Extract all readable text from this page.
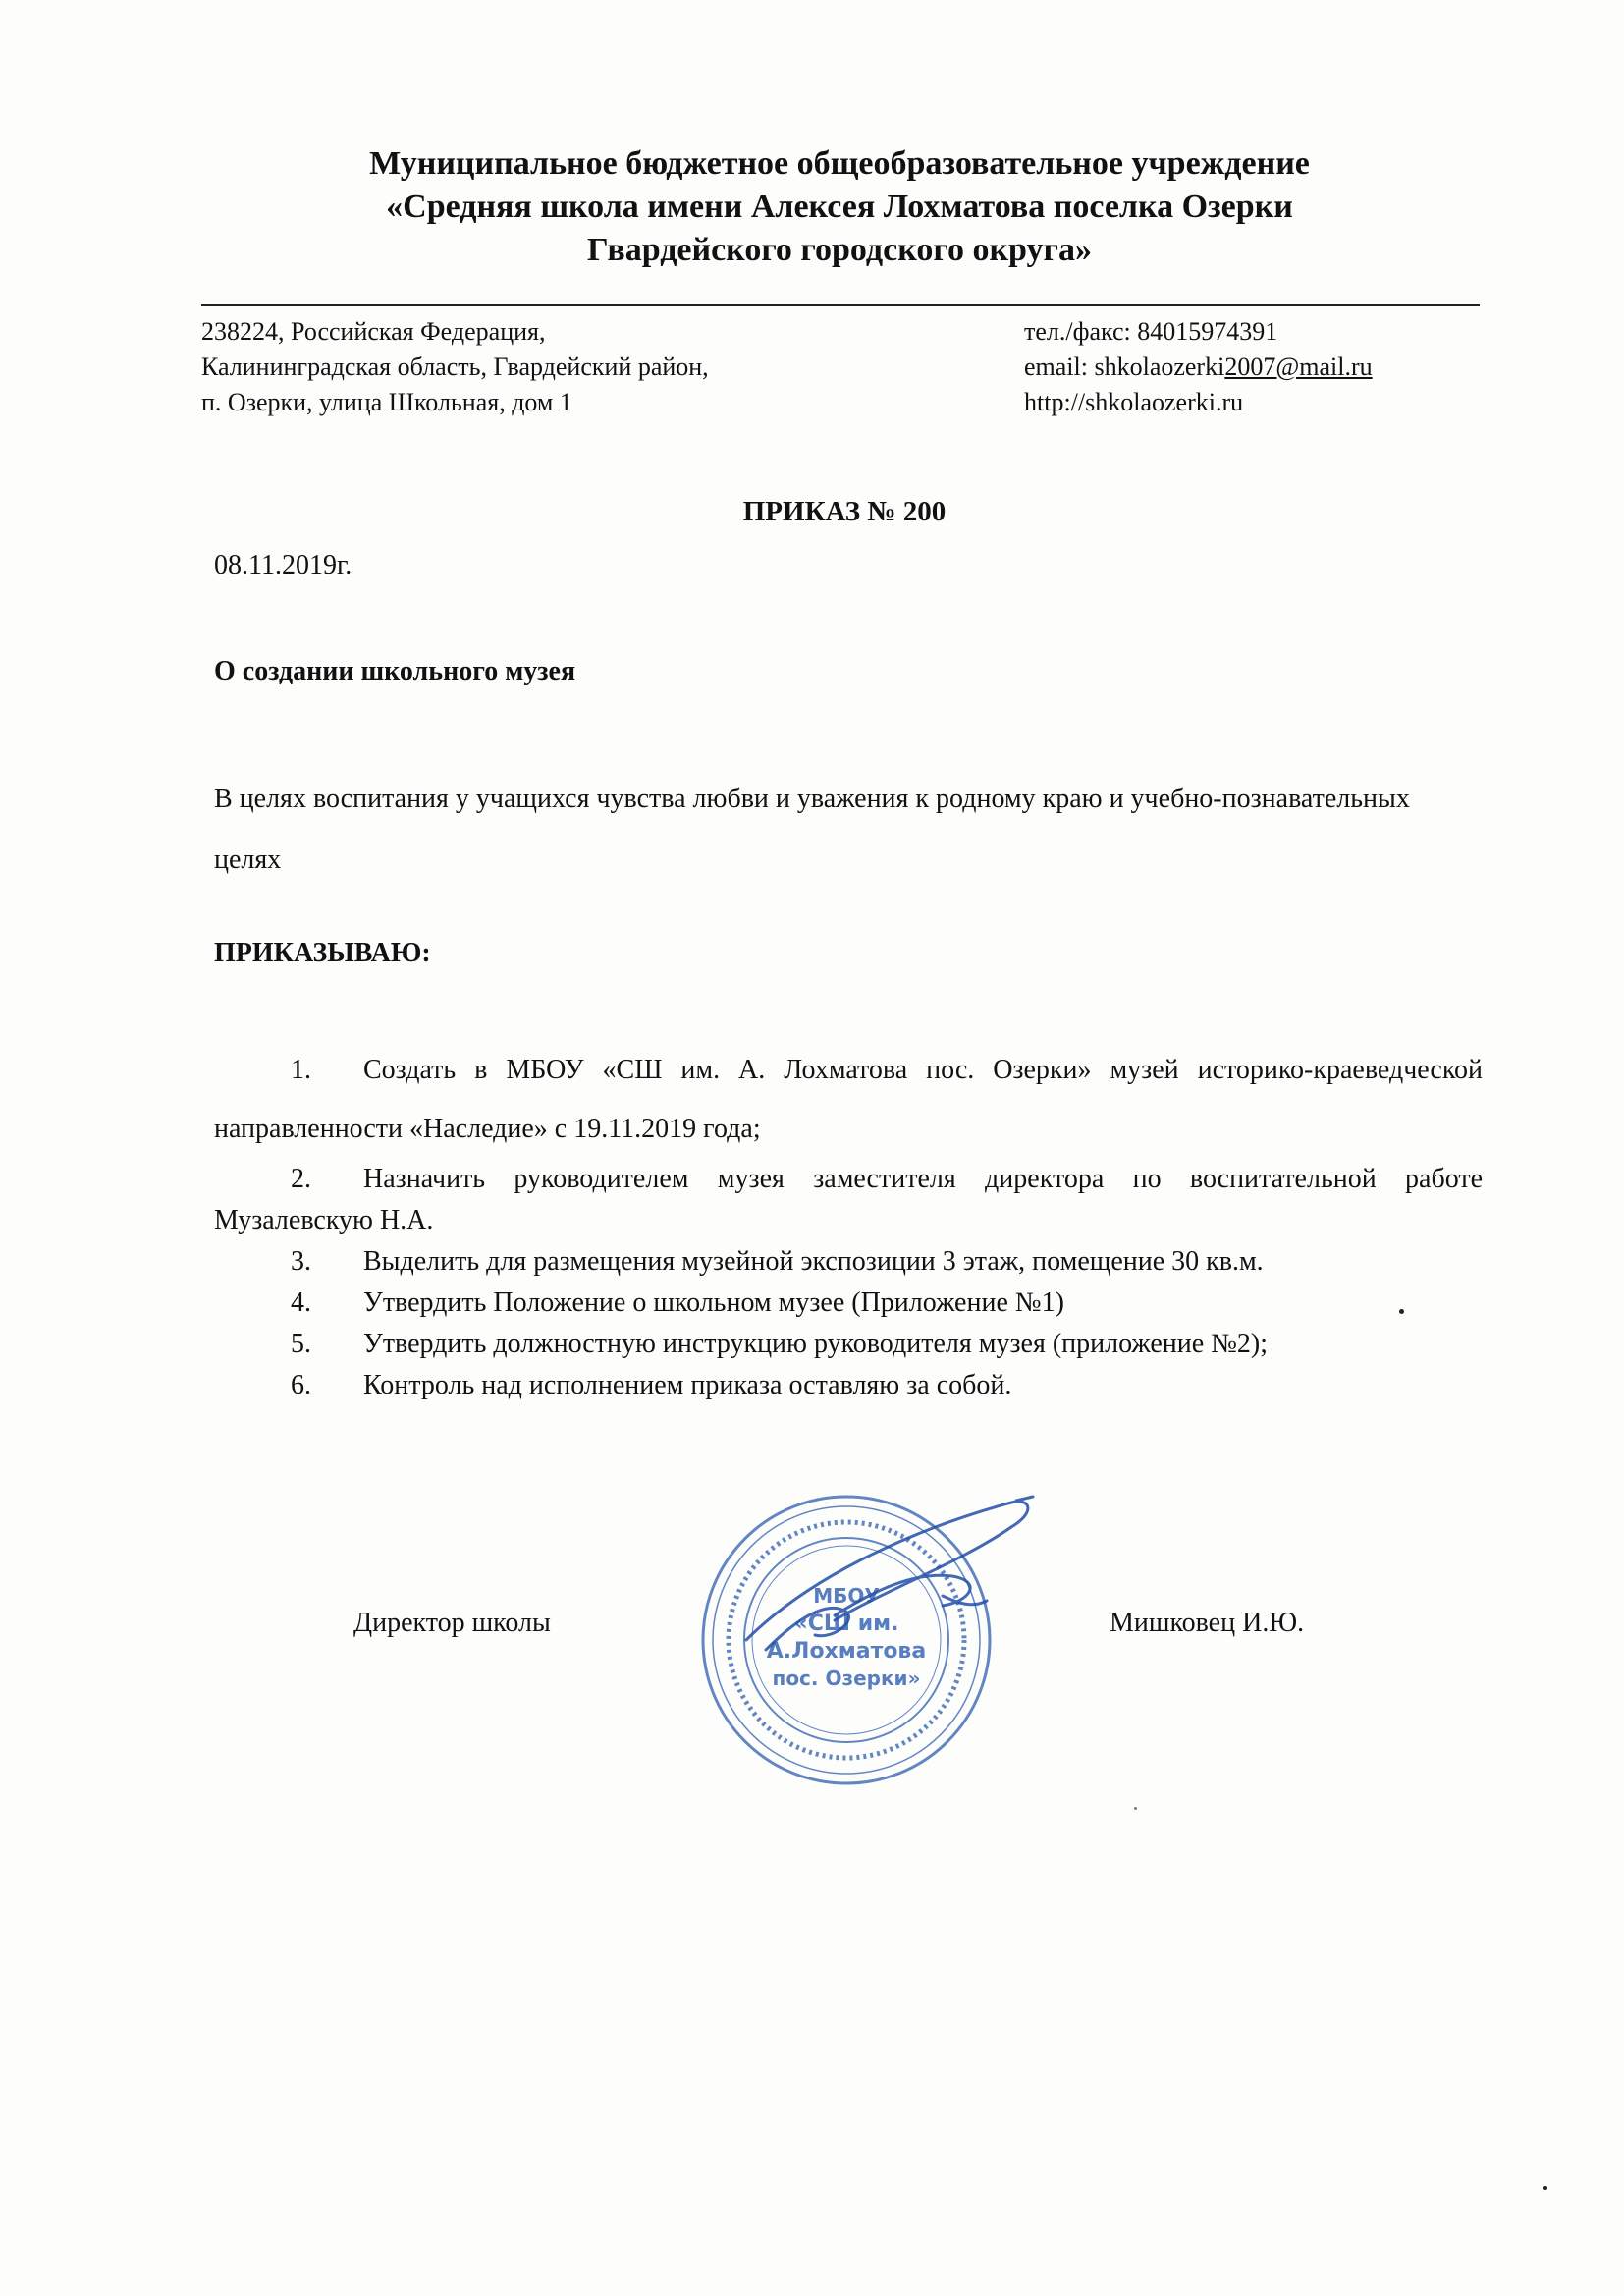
Муниципальное бюджетное общеобразовательное учреждение
«Средняя школа имени Алексея Лохматова поселка Озерки
Гвардейского городского округа»
238224, Российская Федерация,
Калининградская область, Гвардейский район,
п. Озерки, улица Школьная, дом 1
тел./факс: 84015974391
email: shkolaozerki2007@mail.ru
http://shkolaozerki.ru
ПРИКАЗ № 200
08.11.2019г.
О создании школьного музея
В целях воспитания у учащихся чувства любви и уважения к родному краю и учебно-познавательных целях
ПРИКАЗЫВАЮ:
1. Создать в МБОУ «СШ им. А. Лохматова пос. Озерки» музей историко-краеведческой направленности «Наследие» с 19.11.2019 года;
2. Назначить руководителем музея заместителя директора по воспитательной работе Музалевскую Н.А.
3. Выделить для размещения музейной экспозиции 3 этаж, помещение 30 кв.м.
4. Утвердить Положение о школьном музее (Приложение №1)
5. Утвердить должностную инструкцию руководителя музея (приложение №2);
6. Контроль над исполнением приказа оставляю за собой.
Директор школы	Мишковец И.Ю.
МБОУ
«СШ им.
А.Лохматова
пос. Озерки»
